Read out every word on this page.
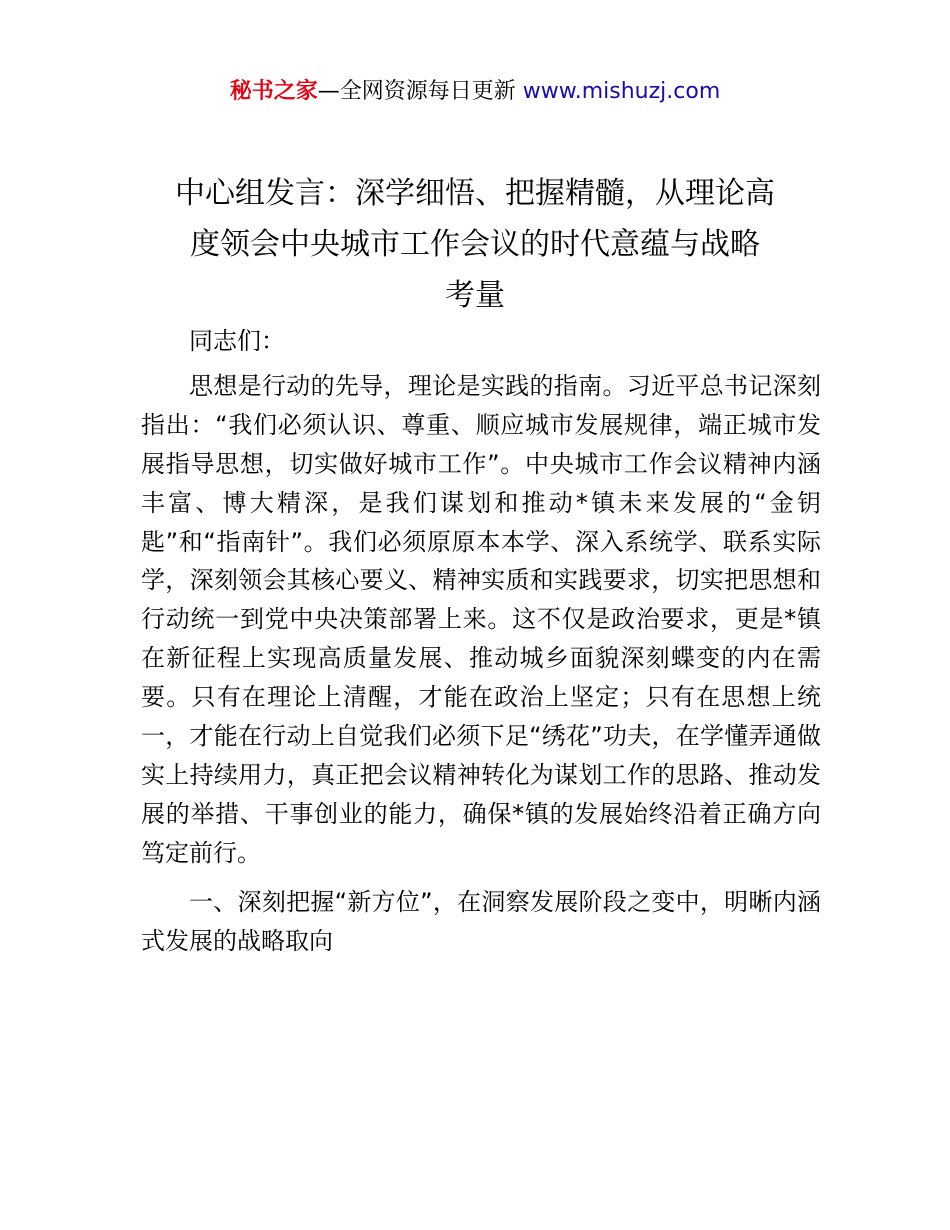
秘书之家—全网资源每日更新 www.mishuzj.com
中心组发言：深学细悟、把握精髓，从理论高
度领会中央城市工作会议的时代意蕴与战略
考量

同志们：

思想是行动的先导，理论是实践的指南。习近平总书记深刻指出：“我们必须认识、尊重、顺应城市发展规律，端正城市发展指导思想，切实做好城市工作”。中央城市工作会议精神内涵丰富、博大精深，是我们谋划和推动*镇未来发展的“金钥匙”和“指南针”。我们必须原原本本学、深入系统学、联系实际学，深刻领会其核心要义、精神实质和实践要求，切实把思想和行动统一到党中央决策部署上来。这不仅是政治要求，更是*镇在新征程上实现高质量发展、推动城乡面貌深刻蝶变的内在需要。只有在理论上清醒，才能在政治上坚定；只有在思想上统一，才能在行动上自觉我们必须下足“绣花”功夫，在学懂弄通做实上持续用力，真正把会议精神转化为谋划工作的思路、推动发展的举措、干事创业的能力，确保*镇的发展始终沿着正确方向笃定前行。

一、深刻把握“新方位”，在洞察发展阶段之变中，明晰内涵式发展的战略取向
